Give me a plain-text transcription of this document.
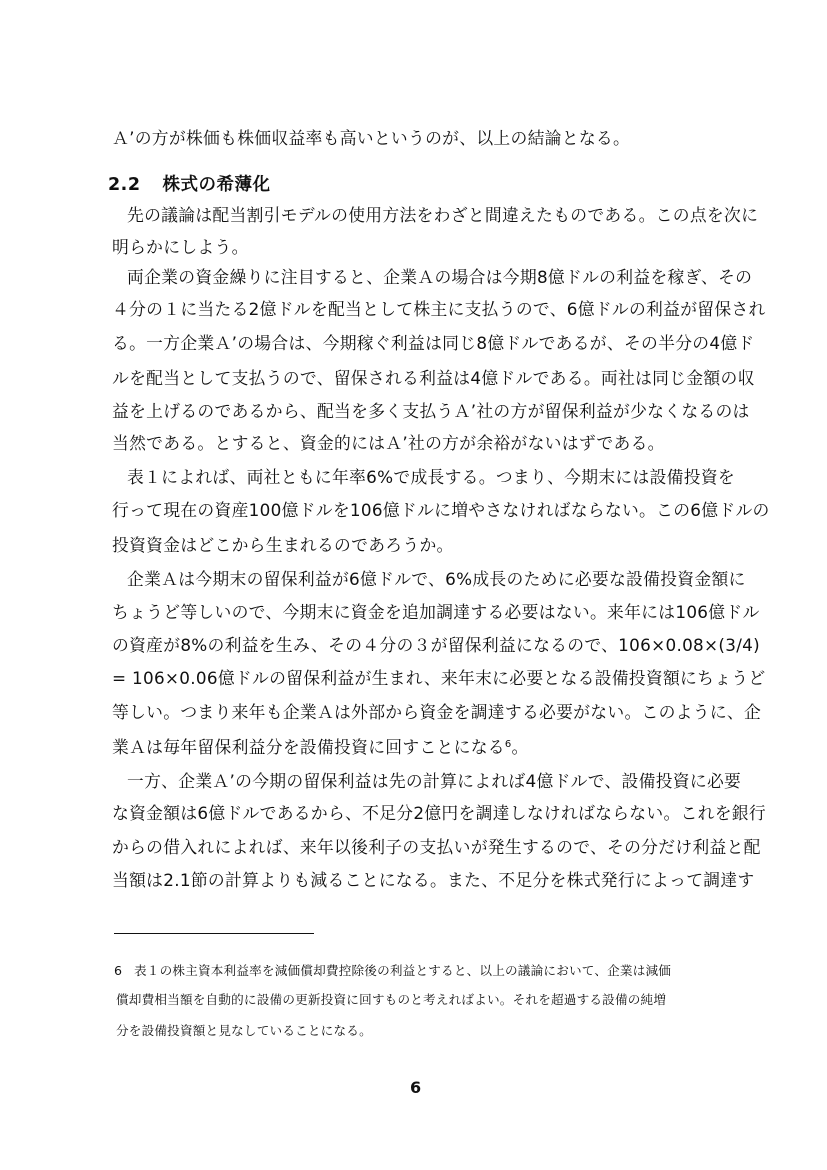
Ａ’の方が株価も株価収益率も高いというのが、以上の結論となる。
2.2 株式の希薄化
先の議論は配当割引モデルの使用方法をわざと間違えたものである。この点を次に
明らかにしよう。
両企業の資金繰りに注目すると、企業Ａの場合は今期8億ドルの利益を稼ぎ、その
４分の１に当たる2億ドルを配当として株主に支払うので、6億ドルの利益が留保され
る。一方企業Ａ’の場合は、今期稼ぐ利益は同じ8億ドルであるが、その半分の4億ド
ルを配当として支払うので、留保される利益は4億ドルである。両社は同じ金額の収
益を上げるのであるから、配当を多く支払うＡ’社の方が留保利益が少なくなるのは
当然である。とすると、資金的にはＡ’社の方が余裕がないはずである。
表１によれば、両社ともに年率6%で成長する。つまり、今期末には設備投資を
行って現在の資産100億ドルを106億ドルに増やさなければならない。この6億ドルの
投資資金はどこから生まれるのであろうか。
企業Ａは今期末の留保利益が6億ドルで、6%成長のために必要な設備投資金額に
ちょうど等しいので、今期末に資金を追加調達する必要はない。来年には106億ドル
の資産が8%の利益を生み、その４分の３が留保利益になるので、106×0.08×(3/4)
= 106×0.06億ドルの留保利益が生まれ、来年末に必要となる設備投資額にちょうど
等しい。つまり来年も企業Ａは外部から資金を調達する必要がない。このように、企
業Ａは毎年留保利益分を設備投資に回すことになる$^6$。
一方、企業Ａ’の今期の留保利益は先の計算によれば4億ドルで、設備投資に必要
な資金額は6億ドルであるから、不足分2億円を調達しなければならない。これを銀行
からの借入れによれば、来年以後利子の支払いが発生するので、その分だけ利益と配
当額は2.1節の計算よりも減ることになる。また、不足分を株式発行によって調達す
6 表１の株主資本利益率を減価償却費控除後の利益とすると、以上の議論において、企業は減価
償却費相当額を自動的に設備の更新投資に回すものと考えればよい。それを超過する設備の純増
分を設備投資額と見なしていることになる。
6
